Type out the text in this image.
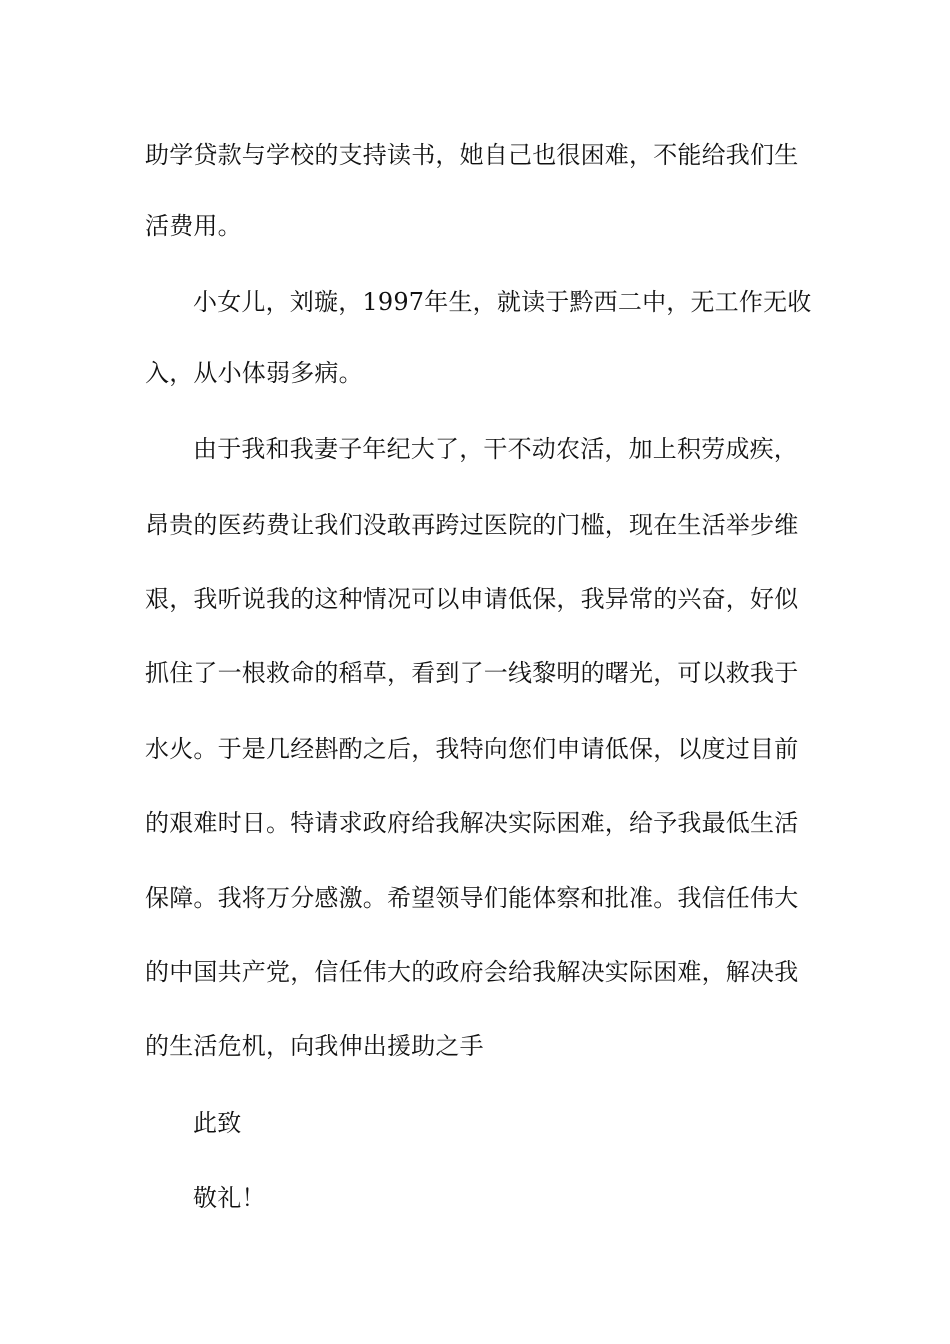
助学贷款与学校的支持读书，她自己也很困难，不能给我们生
活费用。
小女儿，刘璇，1997年生，就读于黔西二中，无工作无收
入，从小体弱多病。
由于我和我妻子年纪大了，干不动农活，加上积劳成疾，
昂贵的医药费让我们没敢再跨过医院的门槛，现在生活举步维
艰，我听说我的这种情况可以申请低保，我异常的兴奋，好似
抓住了一根救命的稻草，看到了一线黎明的曙光，可以救我于
水火。于是几经斟酌之后，我特向您们申请低保，以度过目前
的艰难时日。特请求政府给我解决实际困难，给予我最低生活
保障。我将万分感激。希望领导们能体察和批准。我信任伟大
的中国共产党，信任伟大的政府会给我解决实际困难，解决我
的生活危机，向我伸出援助之手
此致
敬礼！
